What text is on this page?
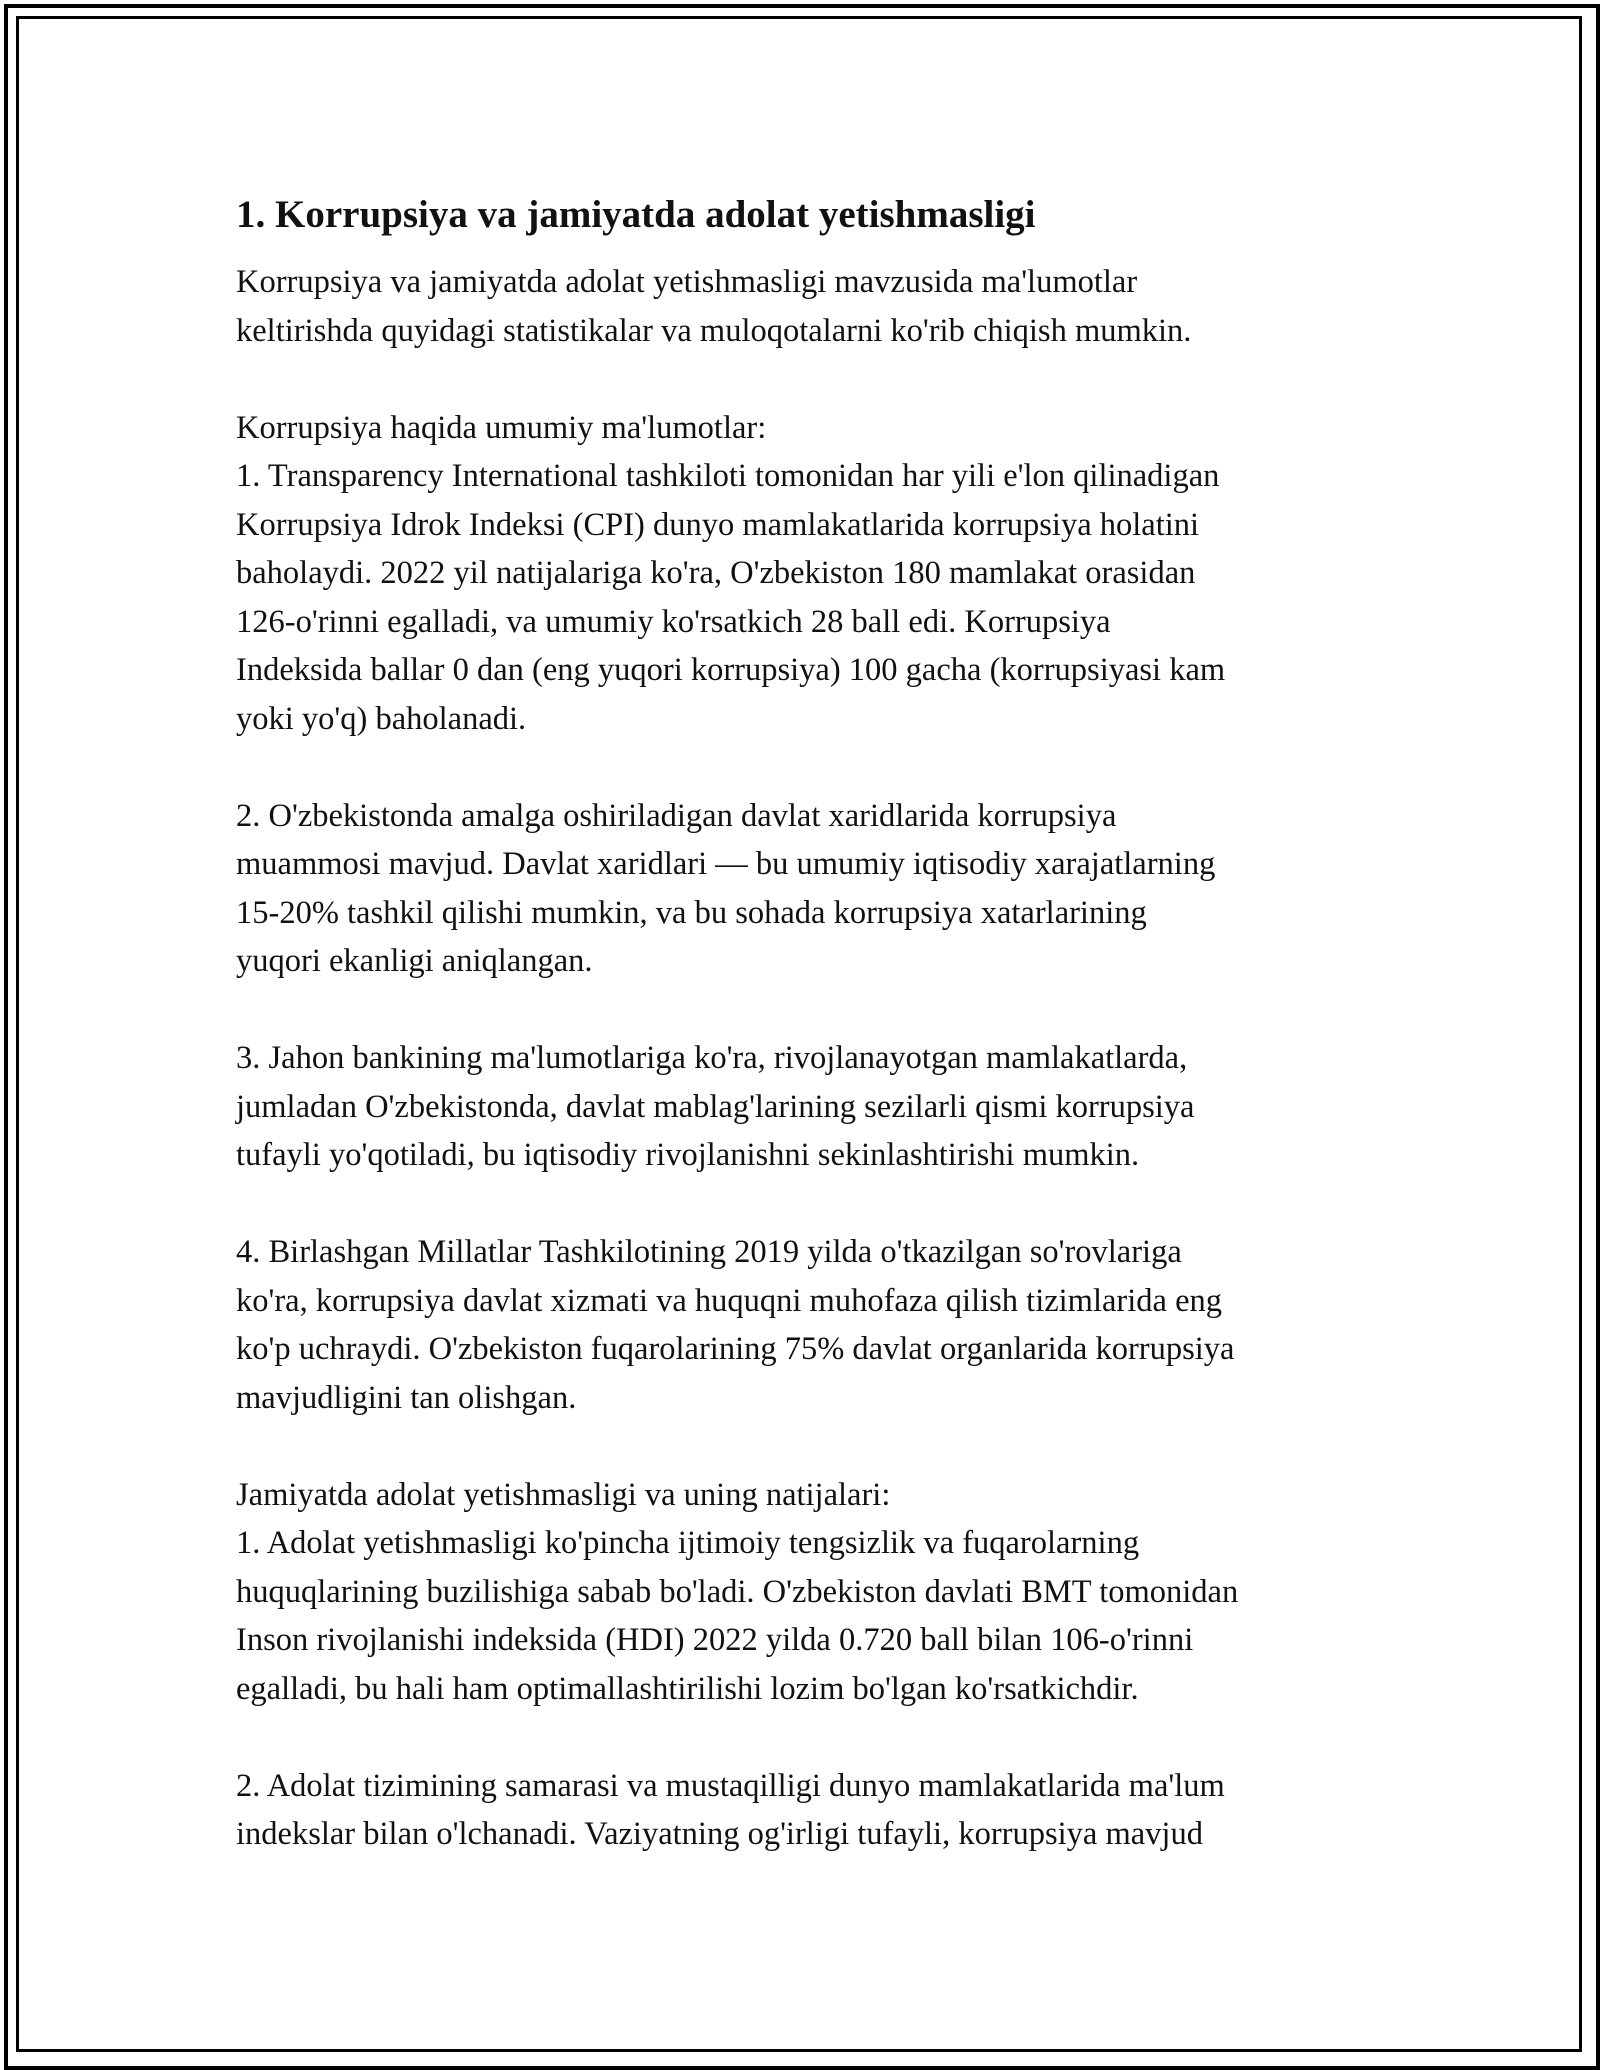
1. Korrupsiya va jamiyatda adolat yetishmasligi

Korrupsiya va jamiyatda adolat yetishmasligi mavzusida ma'lumotlar
keltirishda quyidagi statistikalar va muloqotalarni ko'rib chiqish mumkin.

Korrupsiya haqida umumiy ma'lumotlar:
1. Transparency International tashkiloti tomonidan har yili e'lon qilinadigan
Korrupsiya Idrok Indeksi (CPI) dunyo mamlakatlarida korrupsiya holatini
baholaydi. 2022 yil natijalariga ko'ra, O'zbekiston 180 mamlakat orasidan
126-o'rinni egalladi, va umumiy ko'rsatkich 28 ball edi. Korrupsiya
Indeksida ballar 0 dan (eng yuqori korrupsiya) 100 gacha (korrupsiyasi kam
yoki yo'q) baholanadi.

2. O'zbekistonda amalga oshiriladigan davlat xaridlarida korrupsiya
muammosi mavjud. Davlat xaridlari — bu umumiy iqtisodiy xarajatlarning
15-20% tashkil qilishi mumkin, va bu sohada korrupsiya xatarlarining
yuqori ekanligi aniqlangan.

3. Jahon bankining ma'lumotlariga ko'ra, rivojlanayotgan mamlakatlarda,
jumladan O'zbekistonda, davlat mablag'larining sezilarli qismi korrupsiya
tufayli yo'qotiladi, bu iqtisodiy rivojlanishni sekinlashtirishi mumkin.

4. Birlashgan Millatlar Tashkilotining 2019 yilda o'tkazilgan so'rovlariga
ko'ra, korrupsiya davlat xizmati va huquqni muhofaza qilish tizimlarida eng
ko'p uchraydi. O'zbekiston fuqarolarining 75% davlat organlarida korrupsiya
mavjudligini tan olishgan.

Jamiyatda adolat yetishmasligi va uning natijalari:
1. Adolat yetishmasligi ko'pincha ijtimoiy tengsizlik va fuqarolarning
huquqlarining buzilishiga sabab bo'ladi. O'zbekiston davlati BMT tomonidan
Inson rivojlanishi indeksida (HDI) 2022 yilda 0.720 ball bilan 106-o'rinni
egalladi, bu hali ham optimallashtirilishi lozim bo'lgan ko'rsatkichdir.

2. Adolat tizimining samarasi va mustaqilligi dunyo mamlakatlarida ma'lum
indekslar bilan o'lchanadi. Vaziyatning og'irligi tufayli, korrupsiya mavjud
